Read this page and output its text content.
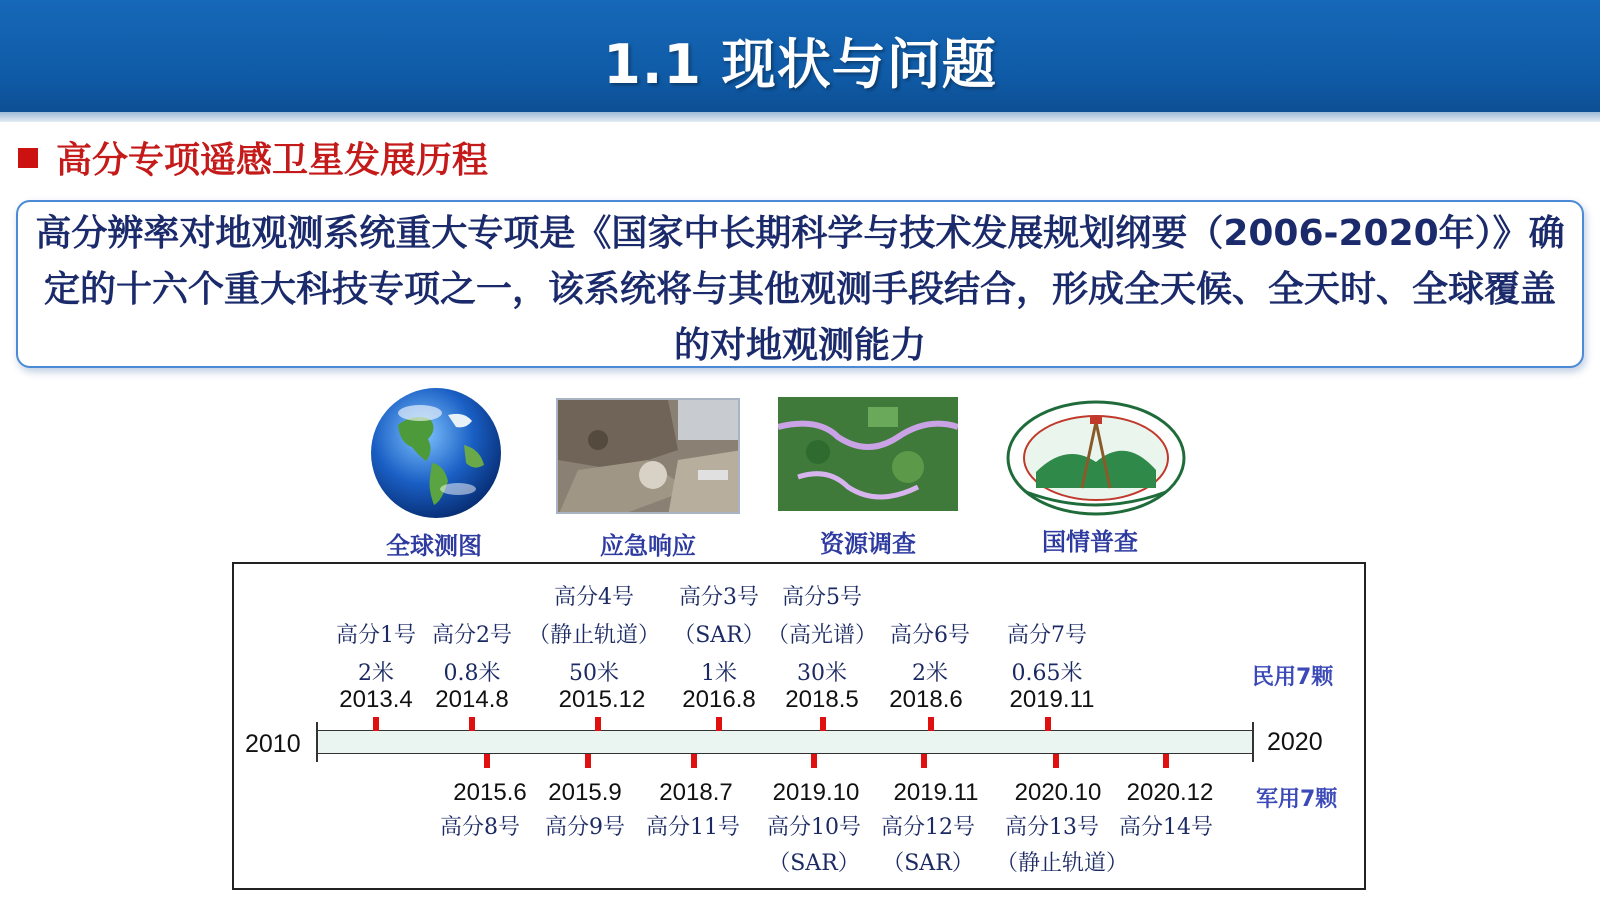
1.1 现状与问题
高分专项遥感卫星发展历程
高分辨率对地观测系统重大专项是《国家中长期科学与技术发展规划纲要（2006-2020年）》确定的十六个重大科技专项之一，该系统将与其他观测手段结合，形成全天候、全天时、全球覆盖的对地观测能力
全球测图	应急响应	资源调查	国情普查
2010	2020
民用7颗
军用7颗
高分1号
2米
2013.4
高分2号
0.8米
2014.8
高分4号
（静止轨道）
50米
2015.12
高分3号
（SAR）
1米
2016.8
高分5号
（高光谱）
30米
2018.5
高分6号
2米
2018.6
高分7号
0.65米
2019.11
2015.6
高分8号
2015.9
高分9号
2018.7
高分11号
2019.10
高分10号
（SAR）
2019.11
高分12号
（SAR）
2020.10
高分13号
（静止轨道）
2020.12
高分14号
